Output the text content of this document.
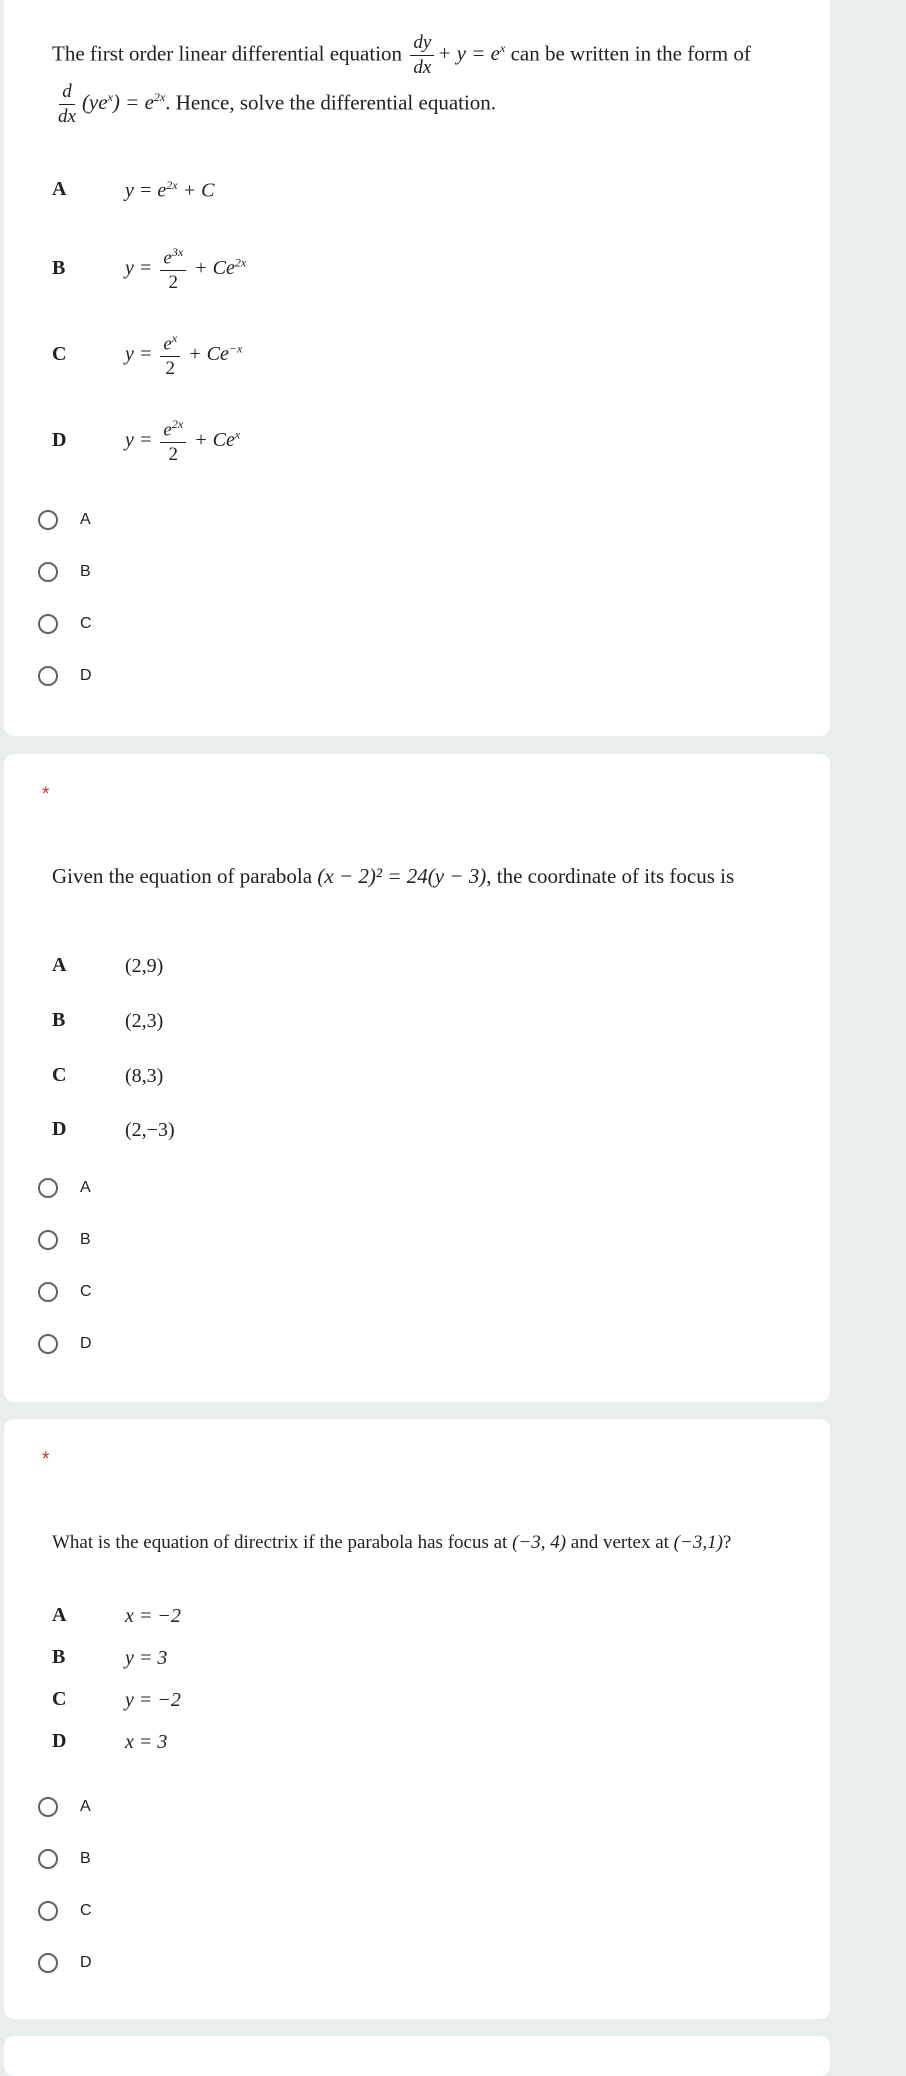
The first order linear differential equation $\frac{dy}{dx} + y = e^x$ can be written in the form of
$\frac{d}{dx} (ye^x) = e^{2x}$. Hence, solve the differential equation.
A	$y = e^{2x} + C$
B	$y = \frac{e^{3x}}{2} + Ce^{2x}$
C	$y = \frac{e^x}{2} + Ce^{-x}$
D	$y = \frac{e^{2x}}{2} + Ce^x$
A
B
C
D
*
Given the equation of parabola (x − 2)² = 24(y − 3), the coordinate of its focus is
A	(2,9)
B	(2,3)
C	(8,3)
D	(2,−3)
A
B
C
D
*
What is the equation of directrix if the parabola has focus at (−3, 4) and vertex at (−3,1)?
A	x = −2
B	y = 3
C	y = −2
D	x = 3
A
B
C
D
